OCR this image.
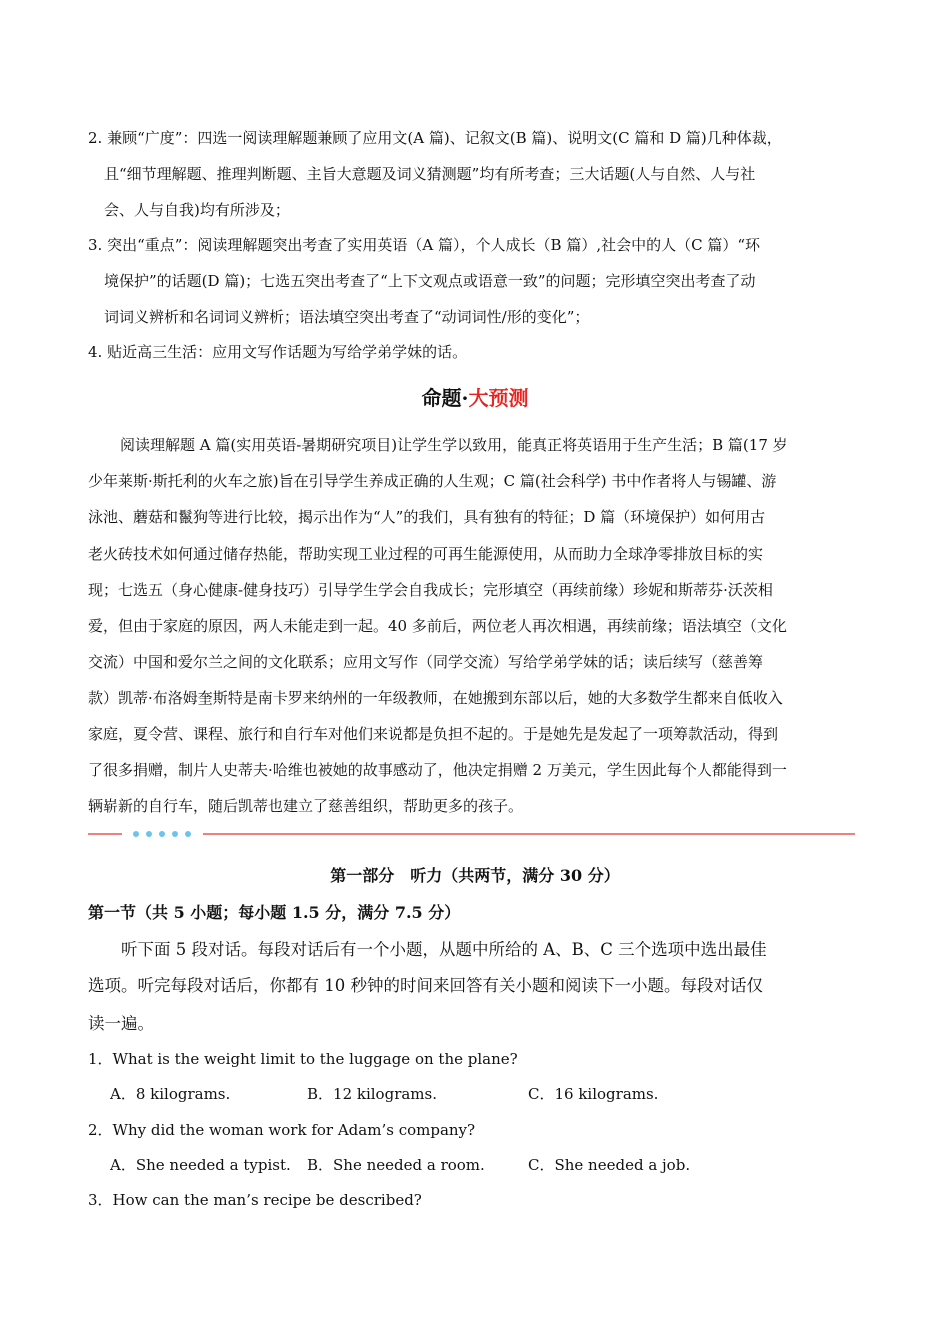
2. 兼顾“广度”：四选一阅读理解题兼顾了应用文(A 篇)、记叙文(B 篇)、说明文(C 篇和 D 篇)几种体裁，
且“细节理解题、推理判断题、主旨大意题及词义猜测题”均有所考查；三大话题(人与自然、人与社
会、人与自我)均有所涉及；
3. 突出“重点”：阅读理解题突出考查了实用英语（A 篇），个人成长（B 篇）,社会中的人（C 篇）“环
境保护”的话题(D 篇)；七选五突出考查了“上下文观点或语意一致”的问题；完形填空突出考查了动
词词义辨析和名词词义辨析；语法填空突出考查了“动词词性/形的变化”；
4. 贴近高三生活：应用文写作话题为写给学弟学妹的话。
命题·大预测
阅读理解题 A 篇(实用英语-暑期研究项目)让学生学以致用，能真正将英语用于生产生活；B 篇(17 岁
少年莱斯·斯托利的火车之旅)旨在引导学生养成正确的人生观；C 篇(社会科学) 书中作者将人与锡罐、游
泳池、蘑菇和鬣狗等进行比较，揭示出作为“人”的我们，具有独有的特征；D 篇（环境保护）如何用古
老火砖技术如何通过储存热能，帮助实现工业过程的可再生能源使用，从而助力全球净零排放目标的实
现；七选五（身心健康-健身技巧）引导学生学会自我成长；完形填空（再续前缘）珍妮和斯蒂芬·沃茨相
爱，但由于家庭的原因，两人未能走到一起。40 多前后，两位老人再次相遇，再续前缘；语法填空（文化
交流）中国和爱尔兰之间的文化联系；应用文写作（同学交流）写给学弟学妹的话；读后续写（慈善筹
款）凯蒂·布洛姆奎斯特是南卡罗来纳州的一年级教师，在她搬到东部以后，她的大多数学生都来自低收入
家庭，夏令营、课程、旅行和自行车对他们来说都是负担不起的。于是她先是发起了一项筹款活动，得到
了很多捐赠，制片人史蒂夫·哈维也被她的故事感动了，他决定捐赠 2 万美元，学生因此每个人都能得到一
辆崭新的自行车，随后凯蒂也建立了慈善组织，帮助更多的孩子。
第一部分　听力（共两节，满分 30 分）
第一节（共 5 小题；每小题 1.5 分，满分 7.5 分）
听下面 5 段对话。每段对话后有一个小题，从题中所给的 A、B、C 三个选项中选出最佳
选项。听完每段对话后，你都有 10 秒钟的时间来回答有关小题和阅读下一小题。每段对话仅
读一遍。
1．What is the weight limit to the luggage on the plane?
A．8 kilograms.	B．12 kilograms.	C．16 kilograms.
2．Why did the woman work for Adam’s company?
A．She needed a typist. B．She needed a room.	C．She needed a job.
3．How can the man’s recipe be described?
